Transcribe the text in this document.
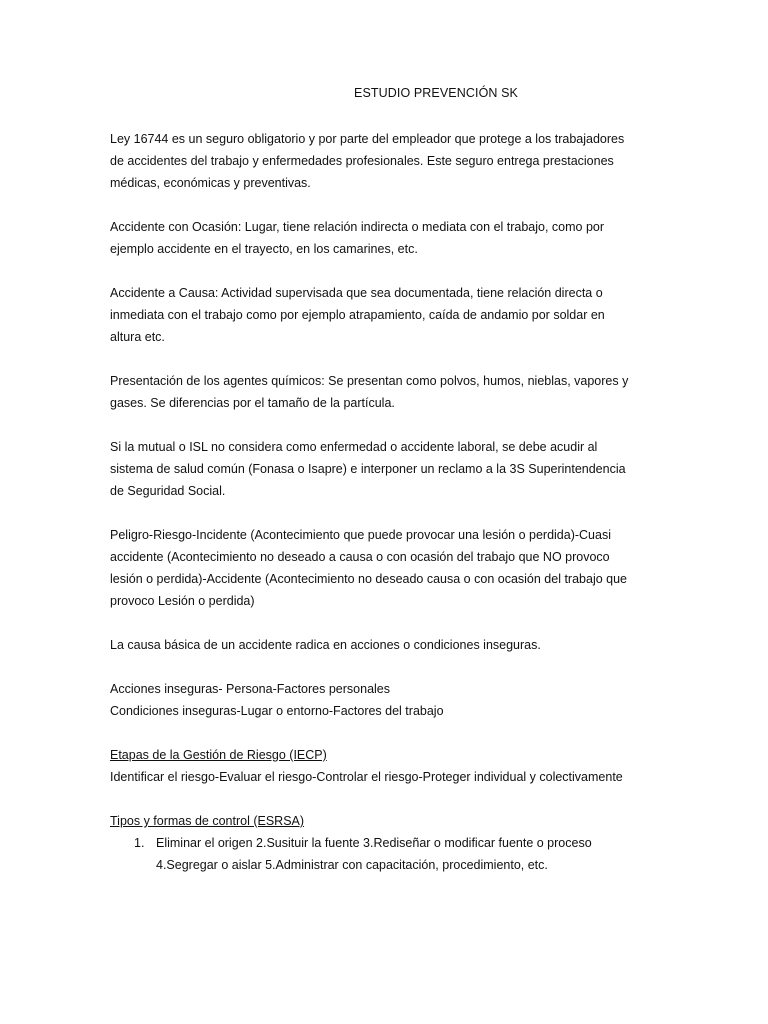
ESTUDIO PREVENCIÓN SK
Ley 16744 es un seguro obligatorio y por parte del empleador que protege a los trabajadores
de accidentes del trabajo y enfermedades profesionales. Este seguro entrega prestaciones
médicas, económicas y preventivas.
Accidente con Ocasión: Lugar, tiene relación indirecta o mediata con el trabajo, como por
ejemplo accidente en el trayecto, en los camarines, etc.
Accidente a Causa: Actividad supervisada que sea documentada, tiene relación directa o
inmediata con el trabajo como por ejemplo atrapamiento, caída de andamio por soldar en
altura etc.
Presentación de los agentes químicos: Se presentan como polvos, humos, nieblas, vapores y
gases. Se diferencias por el tamaño de la partícula.
Si la mutual o ISL no considera como enfermedad o accidente laboral, se debe acudir al
sistema de salud común (Fonasa o Isapre) e interponer un reclamo a la 3S Superintendencia
de Seguridad Social.
Peligro-Riesgo-Incidente (Acontecimiento que puede provocar una lesión o perdida)-Cuasi
accidente (Acontecimiento no deseado a causa o con ocasión del trabajo que NO provoco
lesión o perdida)-Accidente (Acontecimiento no deseado causa o con ocasión del trabajo que
provoco Lesión o perdida)
La causa básica de un accidente radica en acciones o condiciones inseguras.
Acciones inseguras- Persona-Factores personales
Condiciones inseguras-Lugar o entorno-Factores del trabajo
Etapas de la Gestión de Riesgo (IECP)
Identificar el riesgo-Evaluar el riesgo-Controlar el riesgo-Proteger individual y colectivamente
Tipos y formas de control (ESRSA)
1. Eliminar el origen 2.Susituir la fuente 3.Rediseñar o modificar fuente o proceso
4.Segregar o aislar 5.Administrar con capacitación, procedimiento, etc.
